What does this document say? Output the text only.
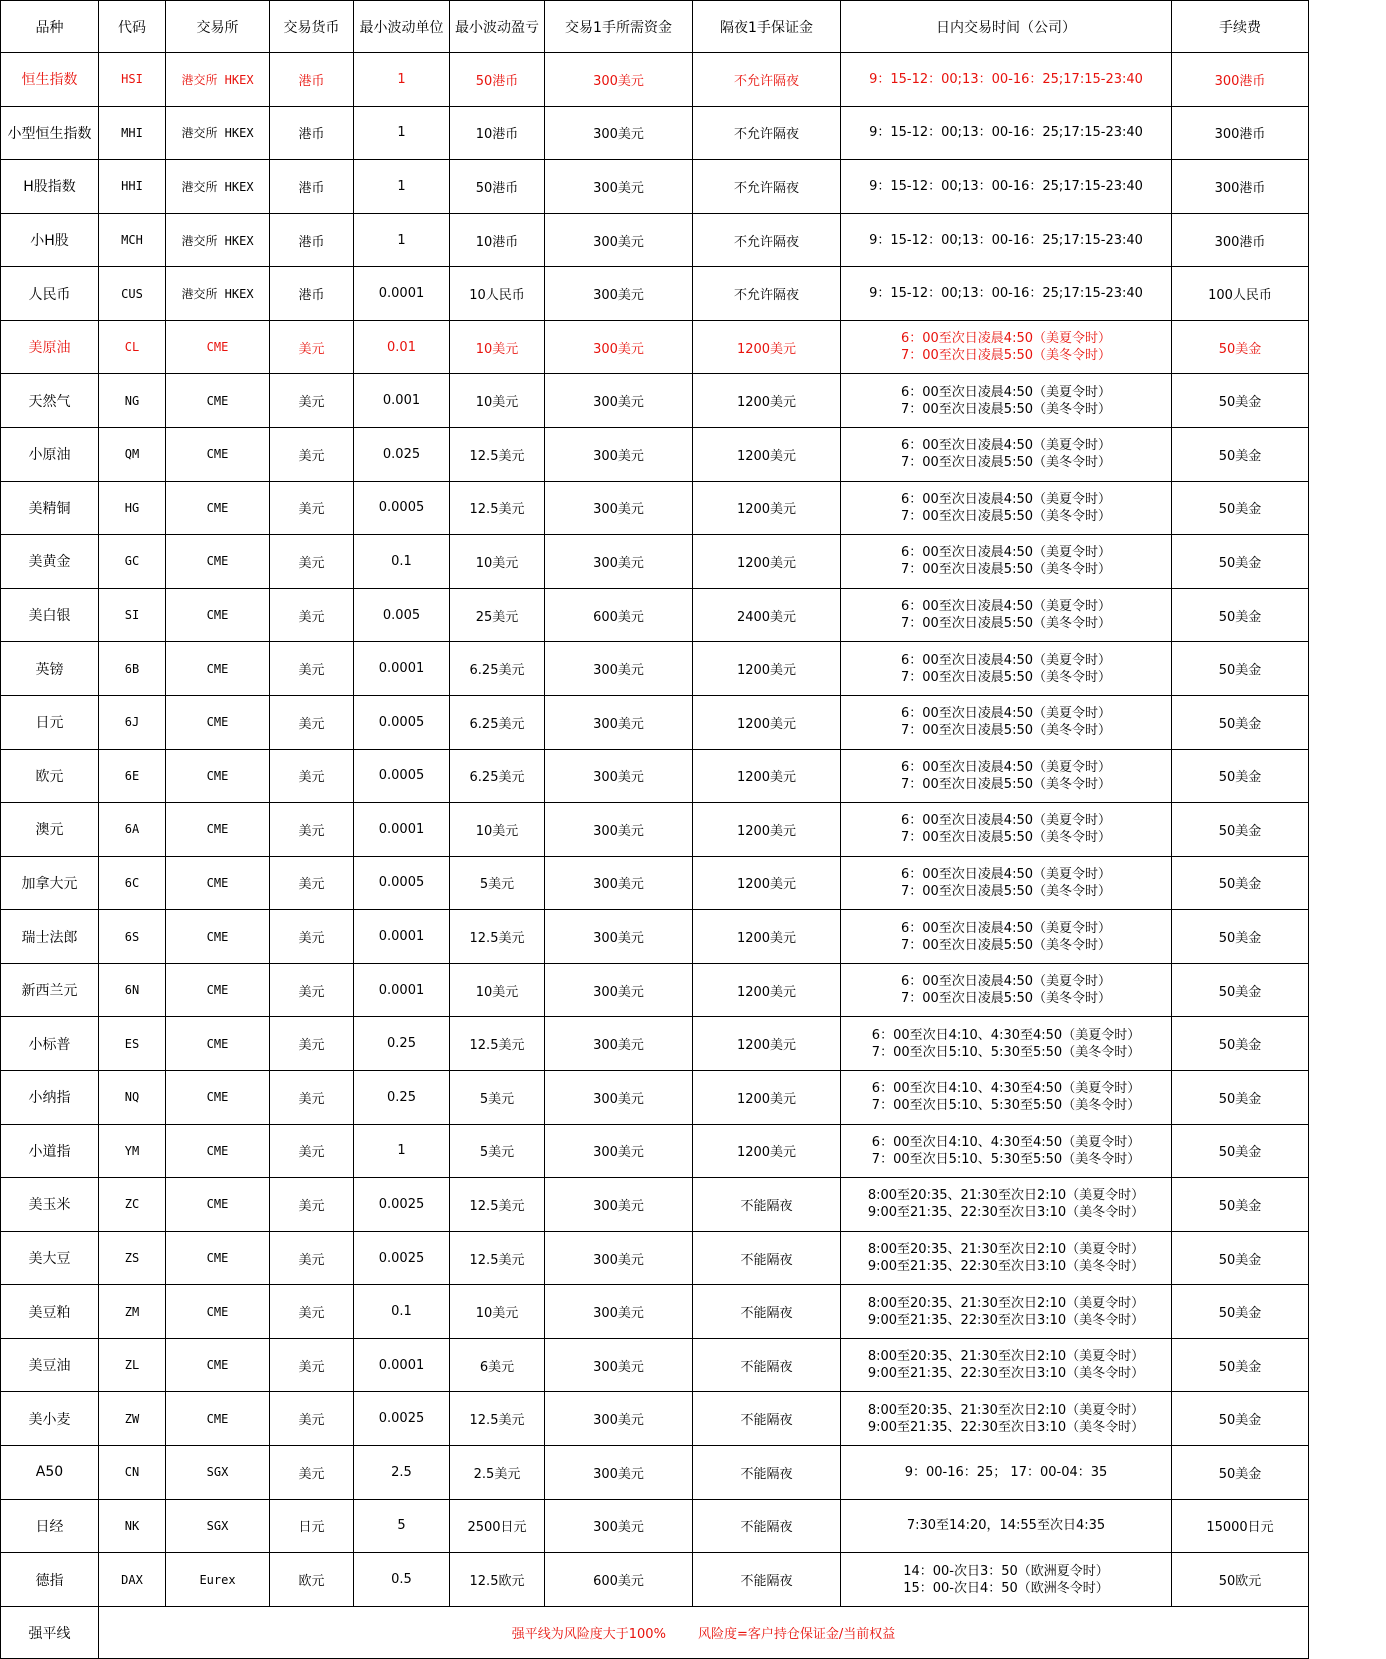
品种	代码	交易所	交易货币	最小波动单位	最小波动盈亏	交易1手所需资金	隔夜1手保证金	日内交易时间（公司）	手续费
恒生指数	HSI	港交所 HKEX	港币	1	50港币	300美元	不允许隔夜	9：15-12：00;13：00-16：25;17:15-23:40	300港币
小型恒生指数	MHI	港交所 HKEX	港币	1	10港币	300美元	不允许隔夜	9：15-12：00;13：00-16：25;17:15-23:40	300港币
H股指数	HHI	港交所 HKEX	港币	1	50港币	300美元	不允许隔夜	9：15-12：00;13：00-16：25;17:15-23:40	300港币
小H股	MCH	港交所 HKEX	港币	1	10港币	300美元	不允许隔夜	9：15-12：00;13：00-16：25;17:15-23:40	300港币
人民币	CUS	港交所 HKEX	港币	0.0001	10人民币	300美元	不允许隔夜	9：15-12：00;13：00-16：25;17:15-23:40	100人民币
美原油	CL	CME	美元	0.01	10美元	300美元	1200美元	6：00至次日凌晨4:50（美夏令时）
7：00至次日凌晨5:50（美冬令时）	50美金
天然气	NG	CME	美元	0.001	10美元	300美元	1200美元	6：00至次日凌晨4:50（美夏令时）
7：00至次日凌晨5:50（美冬令时）	50美金
小原油	QM	CME	美元	0.025	12.5美元	300美元	1200美元	6：00至次日凌晨4:50（美夏令时）
7：00至次日凌晨5:50（美冬令时）	50美金
美精铜	HG	CME	美元	0.0005	12.5美元	300美元	1200美元	6：00至次日凌晨4:50（美夏令时）
7：00至次日凌晨5:50（美冬令时）	50美金
美黄金	GC	CME	美元	0.1	10美元	300美元	1200美元	6：00至次日凌晨4:50（美夏令时）
7：00至次日凌晨5:50（美冬令时）	50美金
美白银	SI	CME	美元	0.005	25美元	600美元	2400美元	6：00至次日凌晨4:50（美夏令时）
7：00至次日凌晨5:50（美冬令时）	50美金
英镑	6B	CME	美元	0.0001	6.25美元	300美元	1200美元	6：00至次日凌晨4:50（美夏令时）
7：00至次日凌晨5:50（美冬令时）	50美金
日元	6J	CME	美元	0.0005	6.25美元	300美元	1200美元	6：00至次日凌晨4:50（美夏令时）
7：00至次日凌晨5:50（美冬令时）	50美金
欧元	6E	CME	美元	0.0005	6.25美元	300美元	1200美元	6：00至次日凌晨4:50（美夏令时）
7：00至次日凌晨5:50（美冬令时）	50美金
澳元	6A	CME	美元	0.0001	10美元	300美元	1200美元	6：00至次日凌晨4:50（美夏令时）
7：00至次日凌晨5:50（美冬令时）	50美金
加拿大元	6C	CME	美元	0.0005	5美元	300美元	1200美元	6：00至次日凌晨4:50（美夏令时）
7：00至次日凌晨5:50（美冬令时）	50美金
瑞士法郎	6S	CME	美元	0.0001	12.5美元	300美元	1200美元	6：00至次日凌晨4:50（美夏令时）
7：00至次日凌晨5:50（美冬令时）	50美金
新西兰元	6N	CME	美元	0.0001	10美元	300美元	1200美元	6：00至次日凌晨4:50（美夏令时）
7：00至次日凌晨5:50（美冬令时）	50美金
小标普	ES	CME	美元	0.25	12.5美元	300美元	1200美元	6：00至次日4:10、4:30至4:50（美夏令时）
7：00至次日5:10、5:30至5:50（美冬令时）	50美金
小纳指	NQ	CME	美元	0.25	5美元	300美元	1200美元	6：00至次日4:10、4:30至4:50（美夏令时）
7：00至次日5:10、5:30至5:50（美冬令时）	50美金
小道指	YM	CME	美元	1	5美元	300美元	1200美元	6：00至次日4:10、4:30至4:50（美夏令时）
7：00至次日5:10、5:30至5:50（美冬令时）	50美金
美玉米	ZC	CME	美元	0.0025	12.5美元	300美元	不能隔夜	8:00至20:35、21:30至次日2:10（美夏令时）
9:00至21:35、22:30至次日3:10（美冬令时）	50美金
美大豆	ZS	CME	美元	0.0025	12.5美元	300美元	不能隔夜	8:00至20:35、21:30至次日2:10（美夏令时）
9:00至21:35、22:30至次日3:10（美冬令时）	50美金
美豆粕	ZM	CME	美元	0.1	10美元	300美元	不能隔夜	8:00至20:35、21:30至次日2:10（美夏令时）
9:00至21:35、22:30至次日3:10（美冬令时）	50美金
美豆油	ZL	CME	美元	0.0001	6美元	300美元	不能隔夜	8:00至20:35、21:30至次日2:10（美夏令时）
9:00至21:35、22:30至次日3:10（美冬令时）	50美金
美小麦	ZW	CME	美元	0.0025	12.5美元	300美元	不能隔夜	8:00至20:35、21:30至次日2:10（美夏令时）
9:00至21:35、22:30至次日3:10（美冬令时）	50美金
A50	CN	SGX	美元	2.5	2.5美元	300美元	不能隔夜	9：00-16：25； 17：00-04：35	50美金
日经	NK	SGX	日元	5	2500日元	300美元	不能隔夜	7:30至14:20，14:55至次日4:35	15000日元
德指	DAX	Eurex	欧元	0.5	12.5欧元	600美元	不能隔夜	14：00-次日3：50（欧洲夏令时）
15：00-次日4：50（欧洲冬令时）	50欧元
强平线	强平线为风险度大于100% 风险度=客户持仓保证金/当前权益								
